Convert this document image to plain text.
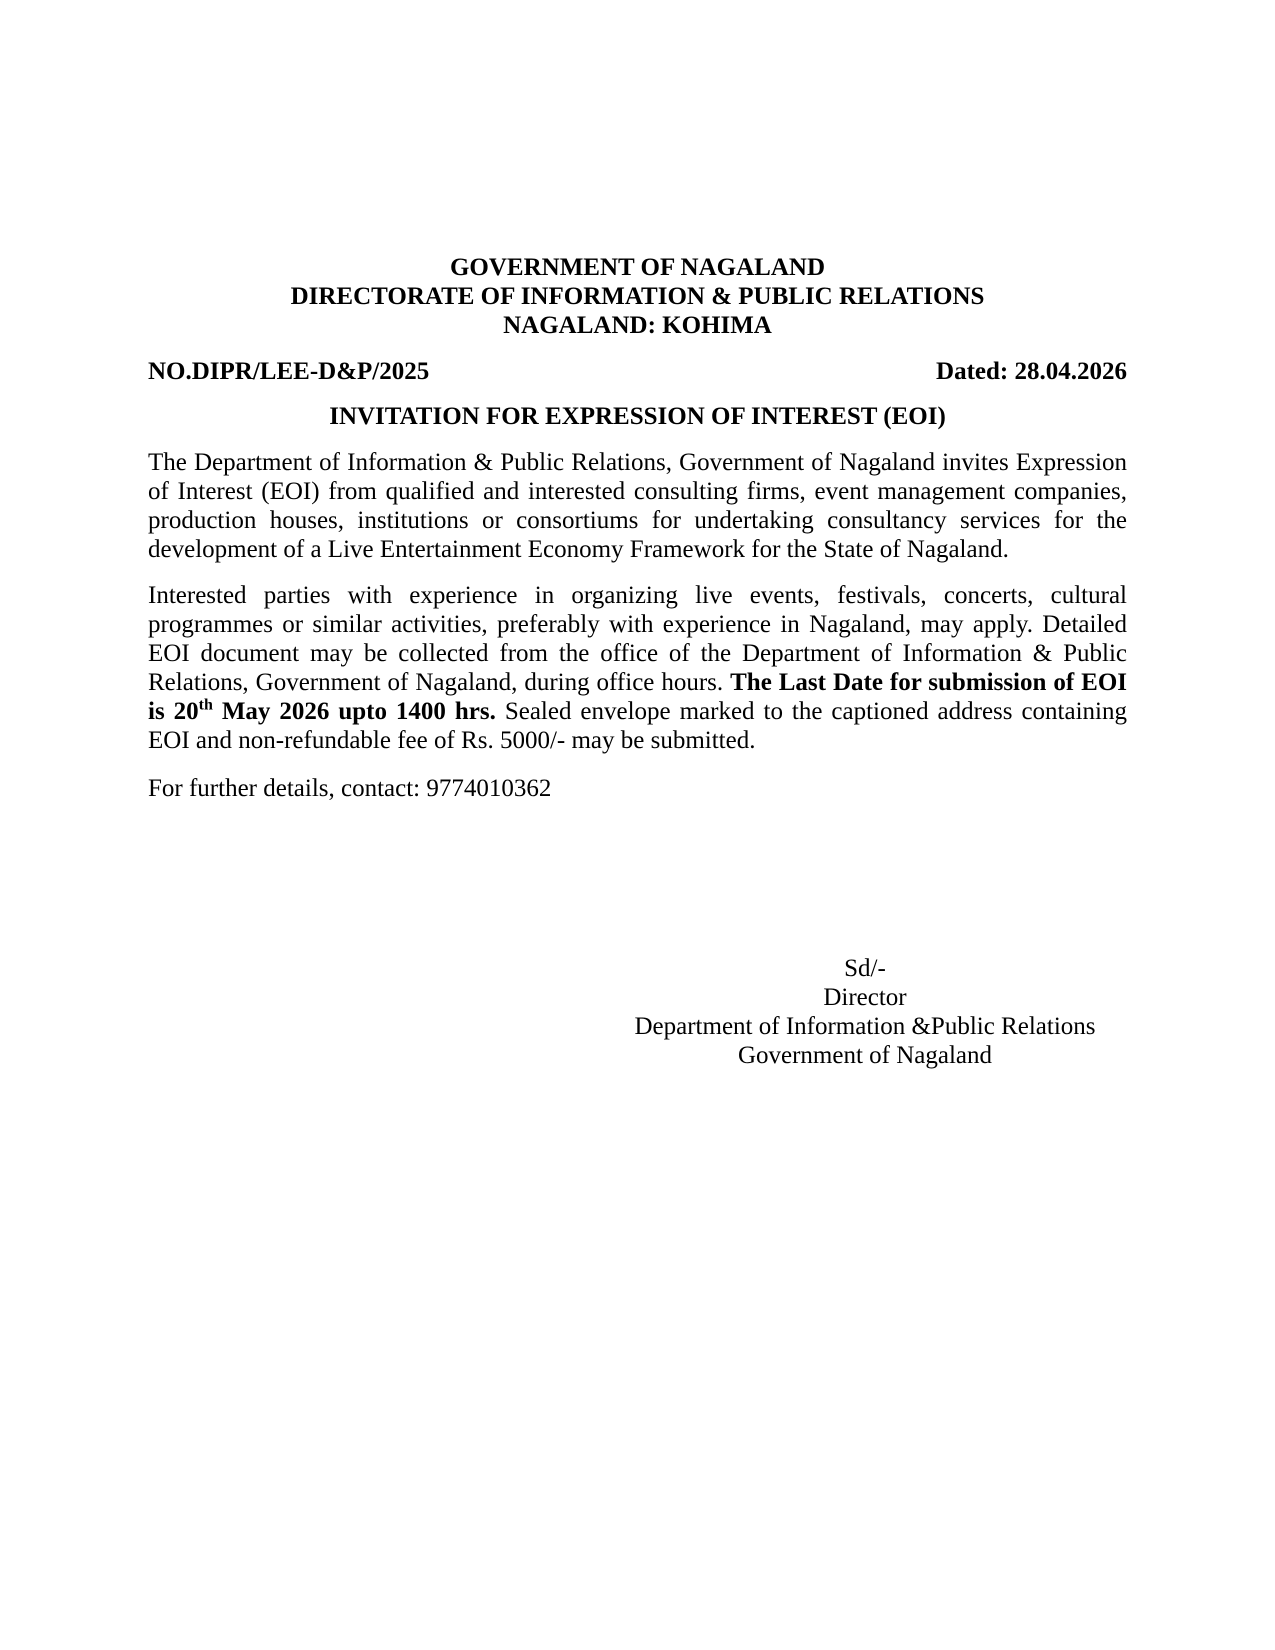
GOVERNMENT OF NAGALAND
DIRECTORATE OF INFORMATION & PUBLIC RELATIONS
NAGALAND: KOHIMA
NO.DIPR/LEE-D&P/2025	Dated: 28.04.2026
INVITATION FOR EXPRESSION OF INTEREST (EOI)

The Department of Information & Public Relations, Government of Nagaland invites Expression of Interest (EOI) from qualified and interested consulting firms, event management companies, production houses, institutions or consortiums for undertaking consultancy services for the development of a Live Entertainment Economy Framework for the State of Nagaland.

Interested parties with experience in organizing live events, festivals, concerts, cultural programmes or similar activities, preferably with experience in Nagaland, may apply. Detailed EOI document may be collected from the office of the Department of Information & Public Relations, Government of Nagaland, during office hours. The Last Date for submission of EOI is 20th May 2026 upto 1400 hrs. Sealed envelope marked to the captioned address containing EOI and non-refundable fee of Rs. 5000/- may be submitted.

For further details, contact: 9774010362

Sd/-
Director
Department of Information &Public Relations
Government of Nagaland
